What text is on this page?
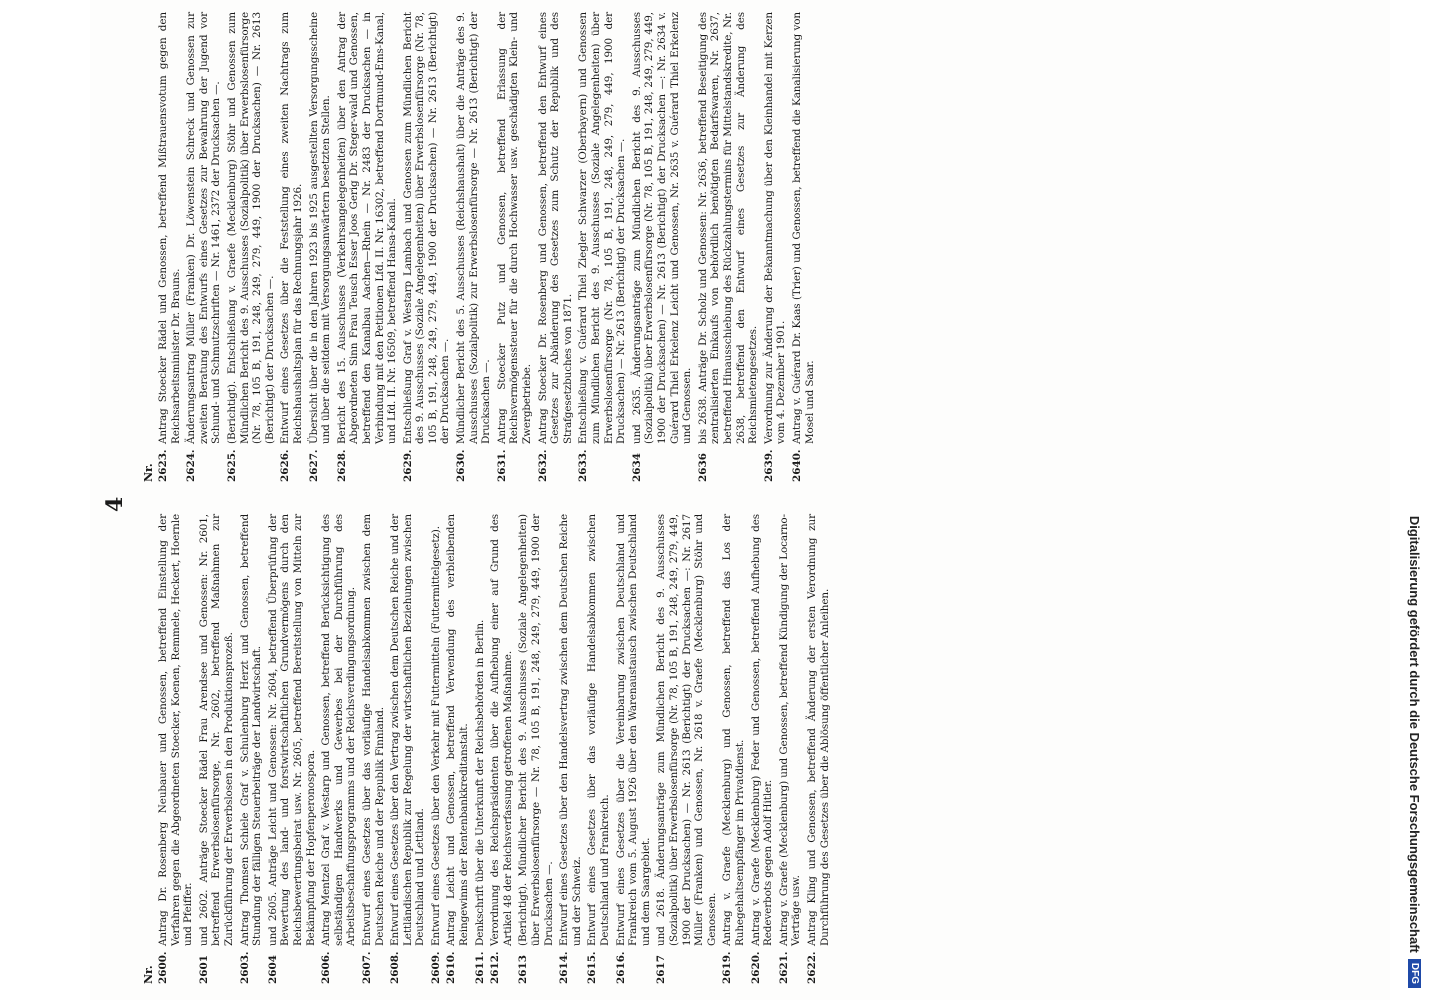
4
Nr. 2600.
Antrag Dr. Rosenberg Neubauer und Genossen, betreffend Einstellung der Verfahren gegen die Abgeordneten Stoecker, Koenen, Remmele, Heckert, Hoernle und Pfeiffer.
2601
und 2602. Anträge Stoecker Rädel Frau Arendsee und Genossen: Nr. 2601, betreffend Erwerbslosenfürsorge, Nr. 2602, betreffend Maßnahmen zur Zurückführung der Erwerbslosen in den Produktionsprozeß.
2603.
Antrag Thomsen Schiele Graf v. Schulenburg Herzt und Genossen, betreffend Stundung der fälligen Steuerbeiträge der Landwirtschaft.
2604
und 2605. Anträge Leicht und Genossen: Nr. 2604, betreffend Überprüfung der Bewertung des land- und forstwirtschaftlichen Grundvermögens durch den Reichsbewertungsbeirat usw. Nr. 2605, betreffend Bereitstellung von Mitteln zur Bekämpfung der Hopfenperonospora.
2606.
Antrag Mentzel Graf v. Westarp und Genossen, betreffend Berücksichtigung des selbständigen Handwerks und Gewerbes bei der Durchführung des Arbeitsbeschaffungsprogramms und der Reichsverdingungsordnung.
2607.
Entwurf eines Gesetzes über das vorläufige Handelsabkommen zwischen dem Deutschen Reiche und der Republik Finnland.
2608.
Entwurf eines Gesetzes über den Vertrag zwischen dem Deutschen Reiche und der Lettländischen Republik zur Regelung der wirtschaftlichen Beziehungen zwischen Deutschland und Lettland.
2609.
Entwurf eines Gesetzes über den Verkehr mit Futtermitteln (Futtermittelgesetz).
2610.
Antrag Leicht und Genossen, betreffend Verwendung des verbleibenden Reingewinns der Rentenbankkreditanstalt.
2611.
Denkschrift über die Unterkunft der Reichsbehörden in Berlin.
2612.
Verordnung des Reichspräsidenten über die Aufhebung einer auf Grund des Artikel 48 der Reichsverfassung getroffenen Maßnahme.
2613
(Berichtigt). Mündlicher Bericht des 9. Ausschusses (Soziale Angelegenheiten) über Erwerbslosenfürsorge — Nr. 78, 105 B, 191, 248, 249, 279, 449, 1900 der Drucksachen —.
2614.
Entwurf eines Gesetzes über den Handelsvertrag zwischen dem Deutschen Reiche und der Schweiz.
2615.
Entwurf eines Gesetzes über das vorläufige Handelsabkommen zwischen Deutschland und Frankreich.
2616.
Entwurf eines Gesetzes über die Vereinbarung zwischen Deutschland und Frankreich vom 5. August 1926 über den Warenaustausch zwischen Deutschland und dem Saargebiet.
2617
und 2618. Änderungsanträge zum Mündlichen Bericht des 9. Ausschusses (Sozialpolitik) über Erwerbslosenfürsorge (Nr. 78, 105 B, 191, 248, 249, 279, 449, 1900 der Drucksachen) — Nr. 2613 (Berichtigt) der Drucksachen —: Nr. 2617 Müller (Franken) und Genossen, Nr. 2618 v. Graefe (Mecklenburg) Stöhr und Genossen.
2619.
Antrag v. Graefe (Mecklenburg) und Genossen, betreffend das Los der Ruhegehaltsempfänger im Privatdienst.
2620.
Antrag v. Graefe (Mecklenburg) Feder und Genossen, betreffend Aufhebung des Redeverbots gegen Adolf Hitler.
2621.
Antrag v. Graefe (Mecklenburg) und Genossen, betreffend Kündigung der Locarno-Verträge usw.
2622.
Antrag Kling und Genossen, betreffend Änderung der ersten Verordnung zur Durchführung des Gesetzes über die Ablösung öffentlicher Anleihen.
Nr. 2623.
Antrag Stoecker Rädel und Genossen, betreffend Mißtrauensvotum gegen den Reichsarbeitsminister Dr. Brauns.
2624.
Änderungsantrag Müller (Franken) Dr. Löwenstein Schreck und Genossen zur zweiten Beratung des Entwurfs eines Gesetzes zur Bewahrung der Jugend vor Schund- und Schmutzschriften — Nr. 1461, 2372 der Drucksachen —.
2625.
(Berichtigt). Entschließung v. Graefe (Mecklenburg) Stöhr und Genossen zum Mündlichen Bericht des 9. Ausschusses (Sozialpolitik) über Erwerbslosenfürsorge (Nr. 78, 105 B, 191, 248, 249, 279, 449, 1900 der Drucksachen) — Nr. 2613 (Berichtigt) der Drucksachen —.
2626.
Entwurf eines Gesetzes über die Feststellung eines zweiten Nachtrags zum Reichshaushaltsplan für das Rechnungsjahr 1926.
2627.
Übersicht über die in den Jahren 1923 bis 1925 ausgestellten Versorgungsscheine und über die seitdem mit Versorgungsanwärtern besetzten Stellen.
2628.
Bericht des 15. Ausschusses (Verkehrsangelegenheiten) über den Antrag der Abgeordneten Sinn Frau Teusch Esser Joos Gerig Dr. Steger-wald und Genossen, betreffend den Kanalbau Aachen—Rhein — Nr. 2483 der Drucksachen — in Verbindung mit den Petitionen Lfd. II. Nr. 16302, betreffend Dortmund-Ems-Kanal, und Lfd. II. Nr. 16509, betreffend Hansa-Kanal.
2629.
Entschließung Graf v. Westarp Lambach und Genossen zum Mündlichen Bericht des 9. Ausschusses (Soziale Angelegenheiten) über Erwerbslosenfürsorge (Nr. 78, 105 B, 191, 248, 249, 279, 449, 1900 der Drucksachen) — Nr. 2613 (Berichtigt) der Drucksachen —.
2630.
Mündlicher Bericht des 5. Ausschusses (Reichshaushalt) über die Anträge des 9. Ausschusses (Sozialpolitik) zur Erwerbslosenfürsorge — Nr. 2613 (Berichtigt) der Drucksachen —.
2631.
Antrag Stoecker Putz und Genossen, betreffend Erlassung der Reichsvermögenssteuer für die durch Hochwasser usw. geschädigten Klein- und Zwergbetriebe.
2632.
Antrag Stoecker Dr. Rosenberg und Genossen, betreffend den Entwurf eines Gesetzes zur Abänderung des Gesetzes zum Schutz der Republik und des Strafgesetzbuches von 1871.
2633.
Entschließung v. Guérard Thiel Ziegler Schwarzer (Oberbayern) und Genossen zum Mündlichen Bericht des 9. Ausschusses (Soziale Angelegenheiten) über Erwerbslosenfürsorge (Nr. 78, 105 B, 191, 248, 249, 279, 449, 1900 der Drucksachen) — Nr. 2613 (Berichtigt) der Drucksachen —.
2634
und 2635. Änderungsanträge zum Mündlichen Bericht des 9. Ausschusses (Sozialpolitik) über Erwerbslosenfürsorge (Nr. 78, 105 B, 191, 248, 249, 279, 449, 1900 der Drucksachen) — Nr. 2613 (Berichtigt) der Drucksachen —: Nr. 2634 v. Guérard Thiel Erkelenz Leicht und Genossen, Nr. 2635 v. Guérard Thiel Erkelenz und Genossen.
2636
bis 2638. Anträge Dr. Scholz und Genossen: Nr. 2636, betreffend Beseitigung des zentralisierten Einkaufs von behördlich benötigten Bedarfswaren, Nr. 2637, betreffend Hinausschiebung des Rückzahlungstermins für Mittelstandskredite, Nr. 2638, betreffend den Entwurf eines Gesetzes zur Änderung des Reichsmietengesetzes.
2639.
Verordnung zur Änderung der Bekanntmachung über den Kleinhandel mit Kerzen vom 4. Dezember 1901.
2640.
Antrag v. Guérard Dr. Kaas (Trier) und Genossen, betreffend die Kanalisierung von Mosel und Saar.
Digitalisierung gefördert durch die Deutsche Forschungsgemeinschaft
DFG
